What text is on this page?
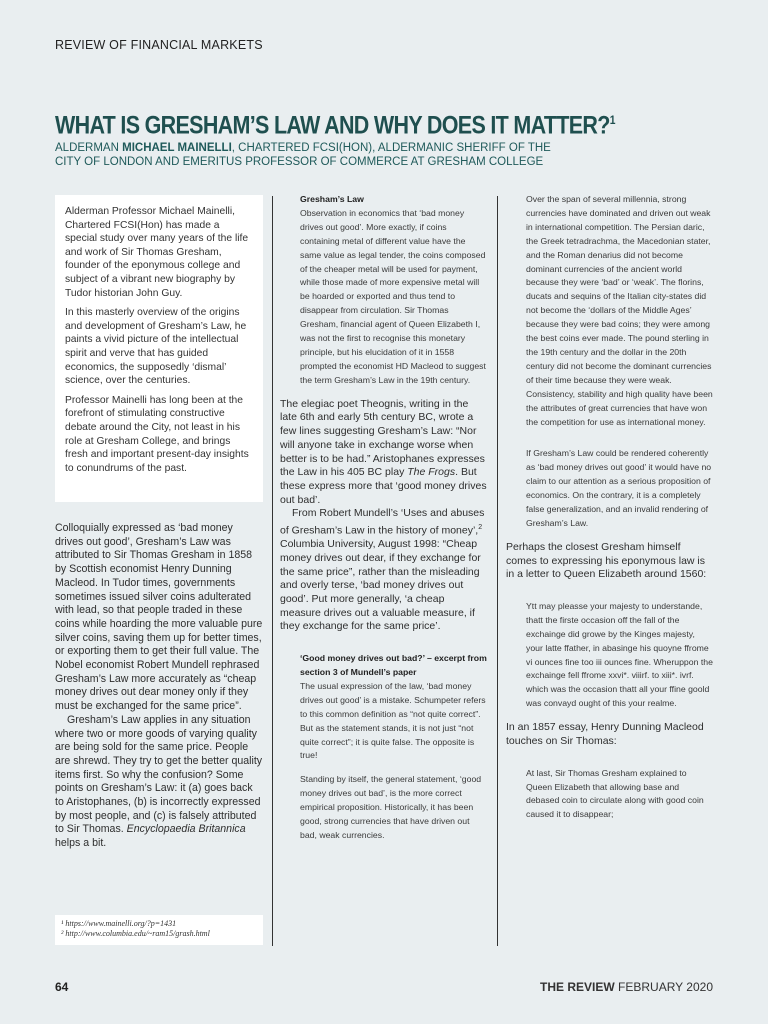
REVIEW OF FINANCIAL MARKETS
WHAT IS GRESHAM’S LAW AND WHY DOES IT MATTER?$^1$
ALDERMAN MICHAEL MAINELLI, CHARTERED FCSI(HON), ALDERMANIC SHERIFF OF THE CITY OF LONDON AND EMERITUS PROFESSOR OF COMMERCE AT GRESHAM COLLEGE

Alderman Professor Michael Mainelli, Chartered FCSI(Hon) has made a special study over many years of the life and work of Sir Thomas Gresham, founder of the eponymous college and subject of a vibrant new biography by Tudor historian John Guy.

In this masterly overview of the origins and development of Gresham’s Law, he paints a vivid picture of the intellectual spirit and verve that has guided economics, the supposedly ‘dismal’ science, over the centuries.

Professor Mainelli has long been at the forefront of stimulating constructive debate around the City, not least in his role at Gresham College, and brings fresh and important present-day insights to conundrums of the past.

Colloquially expressed as ‘bad money drives out good’, Gresham’s Law was attributed to Sir Thomas Gresham in 1858 by Scottish economist Henry Dunning Macleod. In Tudor times, governments sometimes issued silver coins adulterated with lead, so that people traded in these coins while hoarding the more valuable pure silver coins, saving them up for better times, or exporting them to get their full value. The Nobel economist Robert Mundell rephrased Gresham’s Law more accurately as “cheap money drives out dear money only if they must be exchanged for the same price”.

Gresham’s Law applies in any situation where two or more goods of varying quality are being sold for the same price. People are shrewd. They try to get the better quality items first. So why the confusion? Some points on Gresham’s Law: it (a) goes back to Aristophanes, (b) is incorrectly expressed by most people, and (c) is falsely attributed to Sir Thomas. Encyclopaedia Britannica helps a bit.

¹ https://www.mainelli.org/?p=1431
² http://www.columbia.edu/~ram15/grash.html
Gresham’s Law
Observation in economics that ‘bad money drives out good’. More exactly, if coins containing metal of different value have the same value as legal tender, the coins composed of the cheaper metal will be used for payment, while those made of more expensive metal will be hoarded or exported and thus tend to disappear from circulation. Sir Thomas Gresham, financial agent of Queen Elizabeth I, was not the first to recognise this monetary principle, but his elucidation of it in 1558 prompted the economist HD Macleod to suggest the term Gresham’s Law in the 19th century.

The elegiac poet Theognis, writing in the late 6th and early 5th century BC, wrote a few lines suggesting Gresham’s Law: “Nor will anyone take in exchange worse when better is to be had.” Aristophanes expresses the Law in his 405 BC play The Frogs. But these express more that ‘good money drives out bad’.

From Robert Mundell’s ‘Uses and abuses of Gresham’s Law in the history of money’,$^2$ Columbia University, August 1998: “Cheap money drives out dear, if they exchange for the same price”, rather than the misleading and overly terse, ‘bad money drives out good’. Put more generally, ‘a cheap measure drives out a valuable measure, if they exchange for the same price’.

‘Good money drives out bad?’ – excerpt from section 3 of Mundell’s paper
The usual expression of the law, ‘bad money drives out good’ is a mistake. Schumpeter refers to this common definition as “not quite correct”. But as the statement stands, it is not just “not quite correct”; it is quite false. The opposite is true!
Standing by itself, the general statement, ‘good money drives out bad’, is the more correct empirical proposition. Historically, it has been good, strong currencies that have driven out bad, weak currencies.
Over the span of several millennia, strong currencies have dominated and driven out weak in international competition. The Persian daric, the Greek tetradrachma, the Macedonian stater, and the Roman denarius did not become dominant currencies of the ancient world because they were ‘bad’ or ‘weak’. The florins, ducats and sequins of the Italian city-states did not become the ‘dollars of the Middle Ages’ because they were bad coins; they were among the best coins ever made. The pound sterling in the 19th century and the dollar in the 20th century did not become the dominant currencies of their time because they were weak. Consistency, stability and high quality have been the attributes of great currencies that have won the competition for use as international money.
If Gresham’s Law could be rendered coherently as ‘bad money drives out good’ it would have no claim to our attention as a serious proposition of economics. On the contrary, it is a completely false generalization, and an invalid rendering of Gresham’s Law.
Perhaps the closest Gresham himself comes to expressing his eponymous law is in a letter to Queen Elizabeth around 1560:
Ytt may pleasse your majesty to understande, thatt the firste occasion off the fall of the exchainge did growe by the Kinges majesty, your latte ffather, in abasinge his quoyne ffrome vi ounces fine too iii ounces fine. Wheruppon the exchainge fell ffrome xxvi*. viiirf. to xiii*. ivrf. which was the occasion thatt all your ffine goold was convayd ought of this your realme.
In an 1857 essay, Henry Dunning Macleod touches on Sir Thomas:
At last, Sir Thomas Gresham explained to Queen Elizabeth that allowing base and debased coin to circulate along with good coin caused it to disappear;
64	THE REVIEW FEBRUARY 2020
